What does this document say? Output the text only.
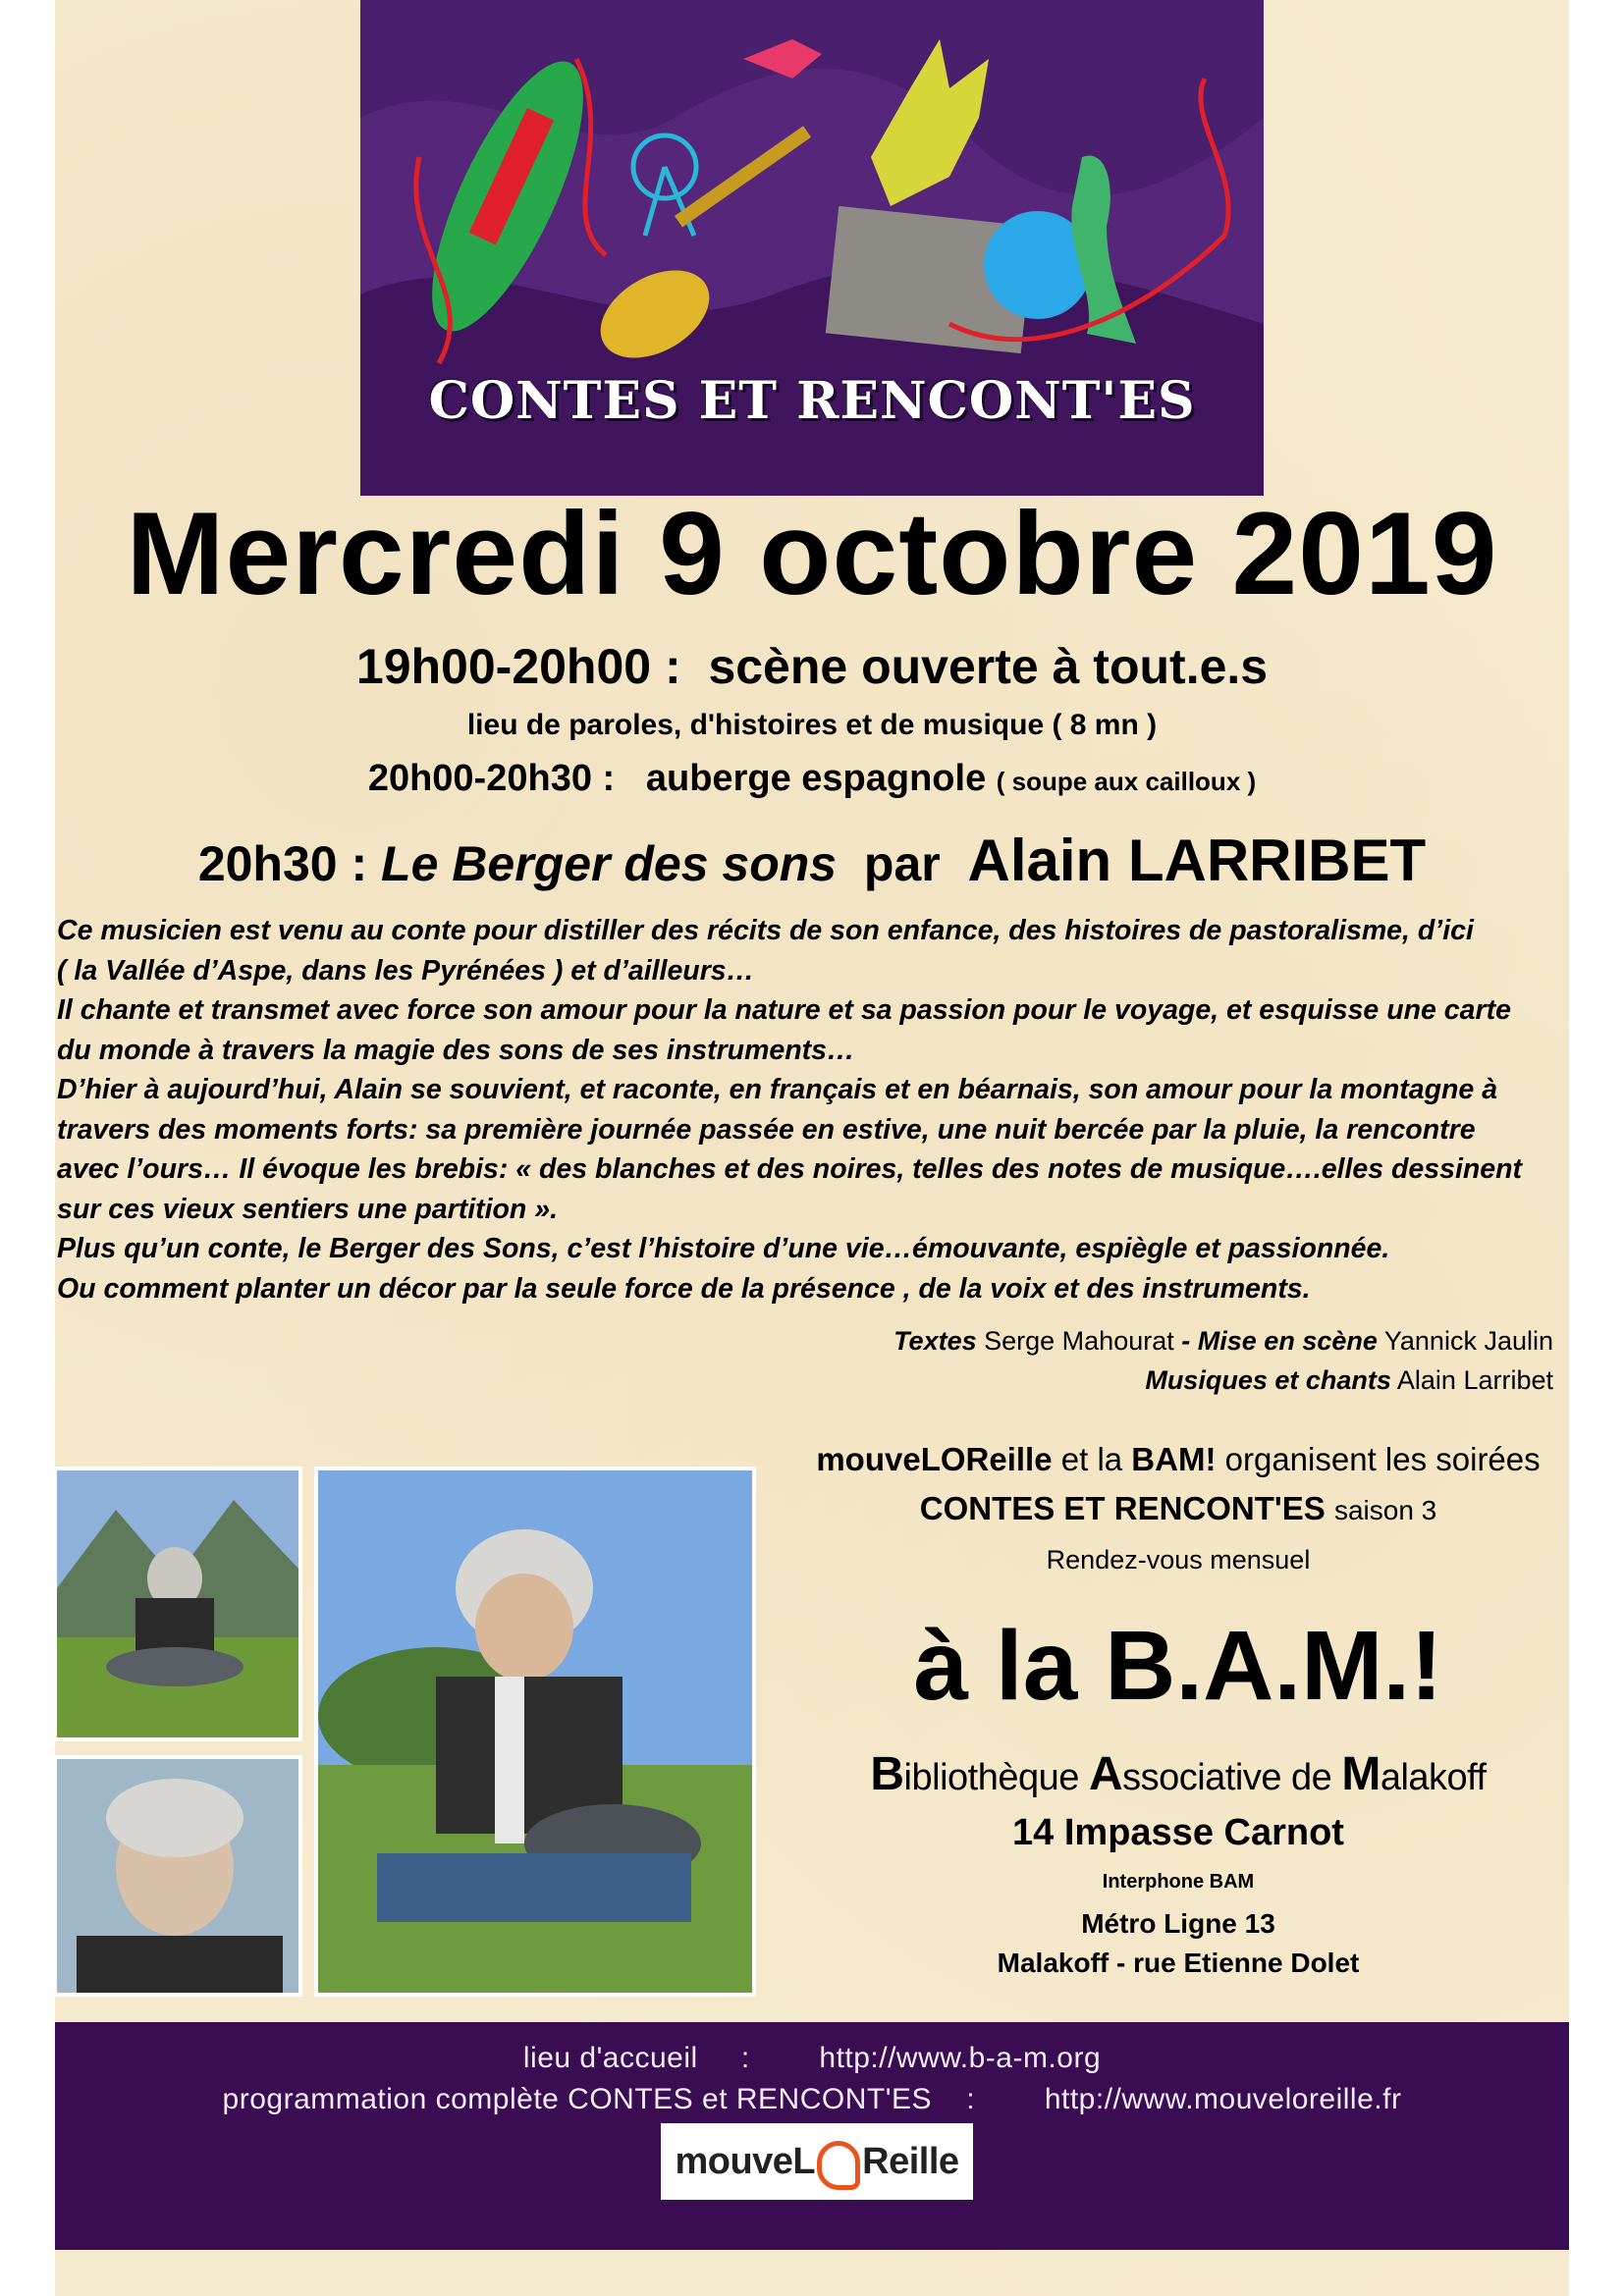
CONTES ET RENCONT'ES
Mercredi 9 octobre 2019
19h00-20h00 : scène ouverte à tout.e.s
lieu de paroles, d'histoires et de musique ( 8 mn )
20h00-20h30 : auberge espagnole ( soupe aux cailloux )
20h30 : Le Berger des sons par Alain LARRIBET

Ce musicien est venu au conte pour distiller des récits de son enfance, des histoires de pastoralisme, d’ici

( la Vallée d’Aspe, dans les Pyrénées ) et d’ailleurs…

Il chante et transmet avec force son amour pour la nature et sa passion pour le voyage, et esquisse une carte

du monde à travers la magie des sons de ses instruments…

D’hier à aujourd’hui, Alain se souvient, et raconte, en français et en béarnais, son amour pour la montagne à

travers des moments forts: sa première journée passée en estive, une nuit bercée par la pluie, la rencontre

avec l’ours… Il évoque les brebis: « des blanches et des noires, telles des notes de musique….elles dessinent

sur ces vieux sentiers une partition ».

Plus qu’un conte, le Berger des Sons, c’est l’histoire d’une vie…émouvante, espiègle et passionnée.

Ou comment planter un décor par la seule force de la présence , de la voix et des instruments.

Textes Serge Mahourat - Mise en scène Yannick Jaulin
Musiques et chants Alain Larribet
mouveLOReille et la BAM! organisent les soirées
CONTES ET RENCONT'ES saison 3
Rendez-vous mensuel
à la B.A.M.!
Bibliothèque Associative de Malakoff
14 Impasse Carnot
Interphone BAM
Métro Ligne 13
Malakoff - rue Etienne Dolet
lieu d'accueil     :        http://www.b-a-m.org
programmation complète CONTES et RENCONT'ES    :        http://www.mouveloreille.fr
mouveL Reille
